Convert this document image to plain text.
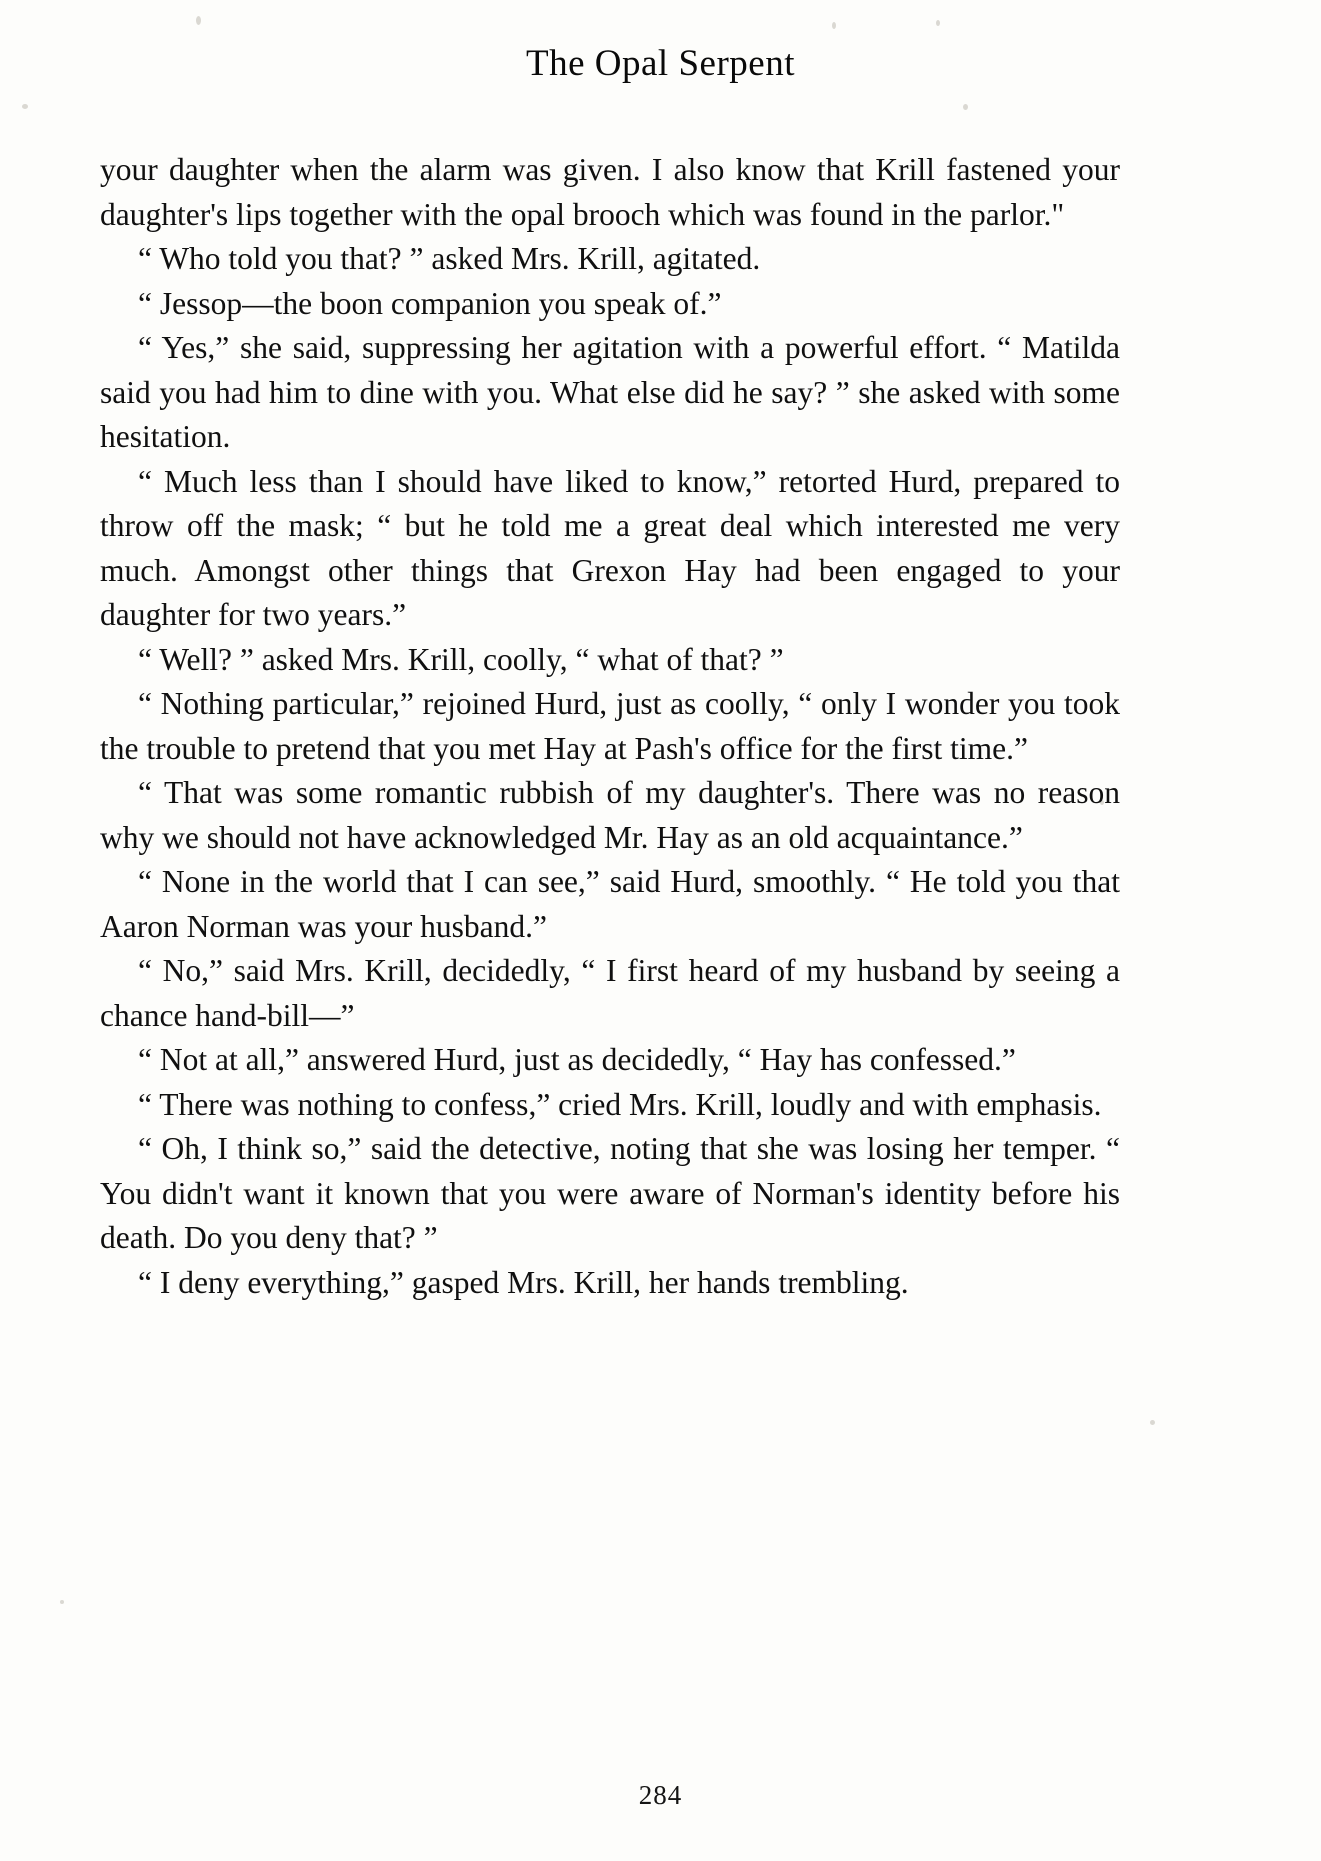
The Opal Serpent

your daughter when the alarm was given. I also know that Krill fastened your daughter's lips together with the opal brooch which was found in the parlor."

“ Who told you that? ” asked Mrs. Krill, agitated.

“ Jessop—the boon companion you speak of.”

“ Yes,” she said, suppressing her agitation with a powerful effort. “ Matilda said you had him to dine with you. What else did he say? ” she asked with some hesitation.

“ Much less than I should have liked to know,” retorted Hurd, prepared to throw off the mask; “ but he told me a great deal which interested me very much. Amongst other things that Grexon Hay had been engaged to your daughter for two years.”

“ Well? ” asked Mrs. Krill, coolly, “ what of that? ”

“ Nothing particular,” rejoined Hurd, just as coolly, “ only I wonder you took the trouble to pretend that you met Hay at Pash's office for the first time.”

“ That was some romantic rubbish of my daughter's. There was no reason why we should not have acknowledged Mr. Hay as an old acquaintance.”

“ None in the world that I can see,” said Hurd, smoothly. “ He told you that Aaron Norman was your husband.”

“ No,” said Mrs. Krill, decidedly, “ I first heard of my husband by seeing a chance hand-bill—”

“ Not at all,” answered Hurd, just as decidedly, “ Hay has confessed.”

“ There was nothing to confess,” cried Mrs. Krill, loudly and with emphasis.

“ Oh, I think so,” said the detective, noting that she was losing her temper. “ You didn't want it known that you were aware of Norman's identity before his death. Do you deny that? ”

“ I deny everything,” gasped Mrs. Krill, her hands trembling.

284
